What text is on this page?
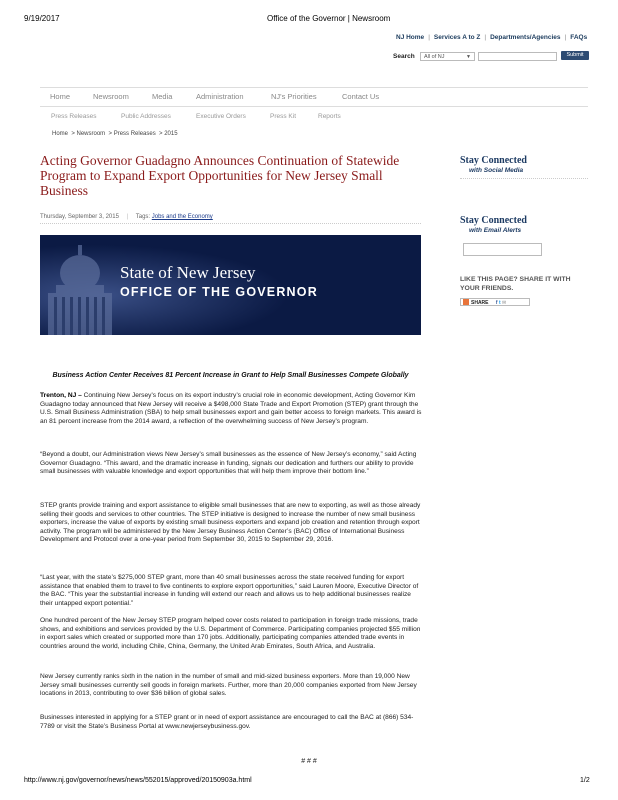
9/19/2017	Office of the Governor | Newsroom
NJ Home | Services A to Z | Departments/Agencies | FAQs
Search	All of NJ	▼	Submit
Home	Newsroom	Media	Administration	NJ's Priorities	Contact Us
Press Releases	Public Addresses	Executive Orders	Press Kit	Reports
Home  > Newsroom  > Press Releases  > 2015
Acting Governor Guadagno Announces Continuation of Statewide Program to Expand Export Opportunities for New Jersey Small Business
Thursday, September 3, 2015 | Tags: Jobs and the Economy
State of New Jersey
OFFICE OF THE GOVERNOR
Stay Connected
with Social Media
Stay Connected
with Email Alerts
LIKE THIS PAGE? SHARE IT WITH YOUR FRIENDS.
SHARE f t ✉
Business Action Center Receives 81 Percent Increase in Grant to Help Small Businesses Compete Globally
Trenton, NJ – Continuing New Jersey’s focus on its export industry’s crucial role in economic development, Acting Governor Kim Guadagno today announced that New Jersey will receive a $498,000 State Trade and Export Promotion (STEP) grant through the U.S. Small Business Administration (SBA) to help small businesses export and gain better access to foreign markets. This award is an 81 percent increase from the 2014 award, a reflection of the overwhelming success of New Jersey’s program.
“Beyond a doubt, our Administration views New Jersey’s small businesses as the essence of New Jersey’s economy,” said Acting Governor Guadagno. “This award, and the dramatic increase in funding, signals our dedication and furthers our ability to provide small businesses with valuable knowledge and export opportunities that will help them improve their bottom line.”
STEP grants provide training and export assistance to eligible small businesses that are new to exporting, as well as those already selling their goods and services to other countries. The STEP initiative is designed to increase the number of new small business exporters, increase the value of exports by existing small business exporters and expand job creation and retention through export activity. The program will be administered by the New Jersey Business Action Center’s (BAC) Office of International Business Development and Protocol over a one-year period from September 30, 2015 to September 29, 2016.
“Last year, with the state’s $275,000 STEP grant, more than 40 small businesses across the state received funding for export assistance that enabled them to travel to five continents to explore export opportunities,” said Lauren Moore, Executive Director of the BAC. “This year the substantial increase in funding will extend our reach and allows us to help additional businesses realize their untapped export potential.”
One hundred percent of the New Jersey STEP program helped cover costs related to participation in foreign trade missions, trade shows, and exhibitions and services provided by the U.S. Department of Commerce. Participating companies projected $55 million in export sales which created or supported more than 170 jobs. Additionally, participating companies attended trade events in countries around the world, including Chile, China, Germany, the United Arab Emirates, South Africa, and Australia.
New Jersey currently ranks sixth in the nation in the number of small and mid-sized business exporters. More than 19,000 New Jersey small businesses currently sell goods in foreign markets. Further, more than 20,000 companies exported from New Jersey locations in 2013, contributing to over $36 billion of global sales.
Businesses interested in applying for a STEP grant or in need of export assistance are encouraged to call the BAC at (866) 534-7789 or visit the State’s Business Portal at www.newjerseybusiness.gov.
# # #
http://www.nj.gov/governor/news/news/552015/approved/20150903a.html	1/2
